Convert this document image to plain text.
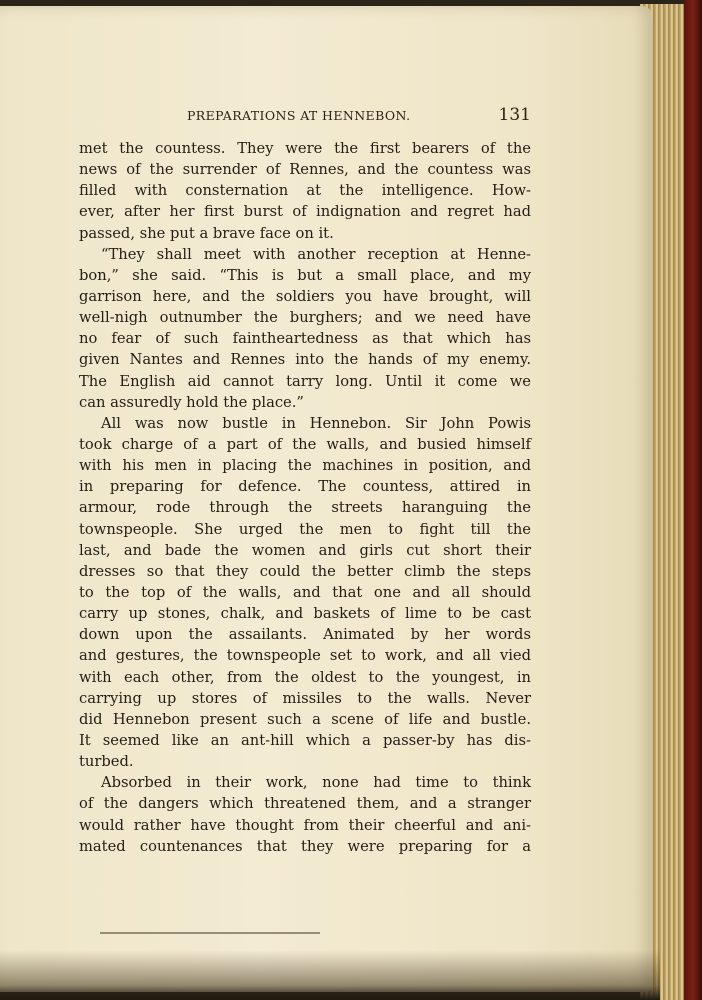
PREPARATIONS AT HENNEBON.	131
met the countess. They were the first bearers of the
news of the surrender of Rennes, and the countess was
filled with consternation at the intelligence. How-
ever, after her first burst of indignation and regret had
passed, she put a brave face on it.
“They shall meet with another reception at Henne-
bon,” she said. “This is but a small place, and my
garrison here, and the soldiers you have brought, will
well-nigh outnumber the burghers; and we need have
no fear of such faintheartedness as that which has
given Nantes and Rennes into the hands of my enemy.
The English aid cannot tarry long. Until it come we
can assuredly hold the place.”
All was now bustle in Hennebon. Sir John Powis
took charge of a part of the walls, and busied himself
with his men in placing the machines in position, and
in preparing for defence. The countess, attired in
armour, rode through the streets haranguing the
townspeople. She urged the men to fight till the
last, and bade the women and girls cut short their
dresses so that they could the better climb the steps
to the top of the walls, and that one and all should
carry up stones, chalk, and baskets of lime to be cast
down upon the assailants. Animated by her words
and gestures, the townspeople set to work, and all vied
with each other, from the oldest to the youngest, in
carrying up stores of missiles to the walls. Never
did Hennebon present such a scene of life and bustle.
It seemed like an ant-hill which a passer-by has dis-
turbed.
Absorbed in their work, none had time to think
of the dangers which threatened them, and a stranger
would rather have thought from their cheerful and ani-
mated countenances that they were preparing for a
